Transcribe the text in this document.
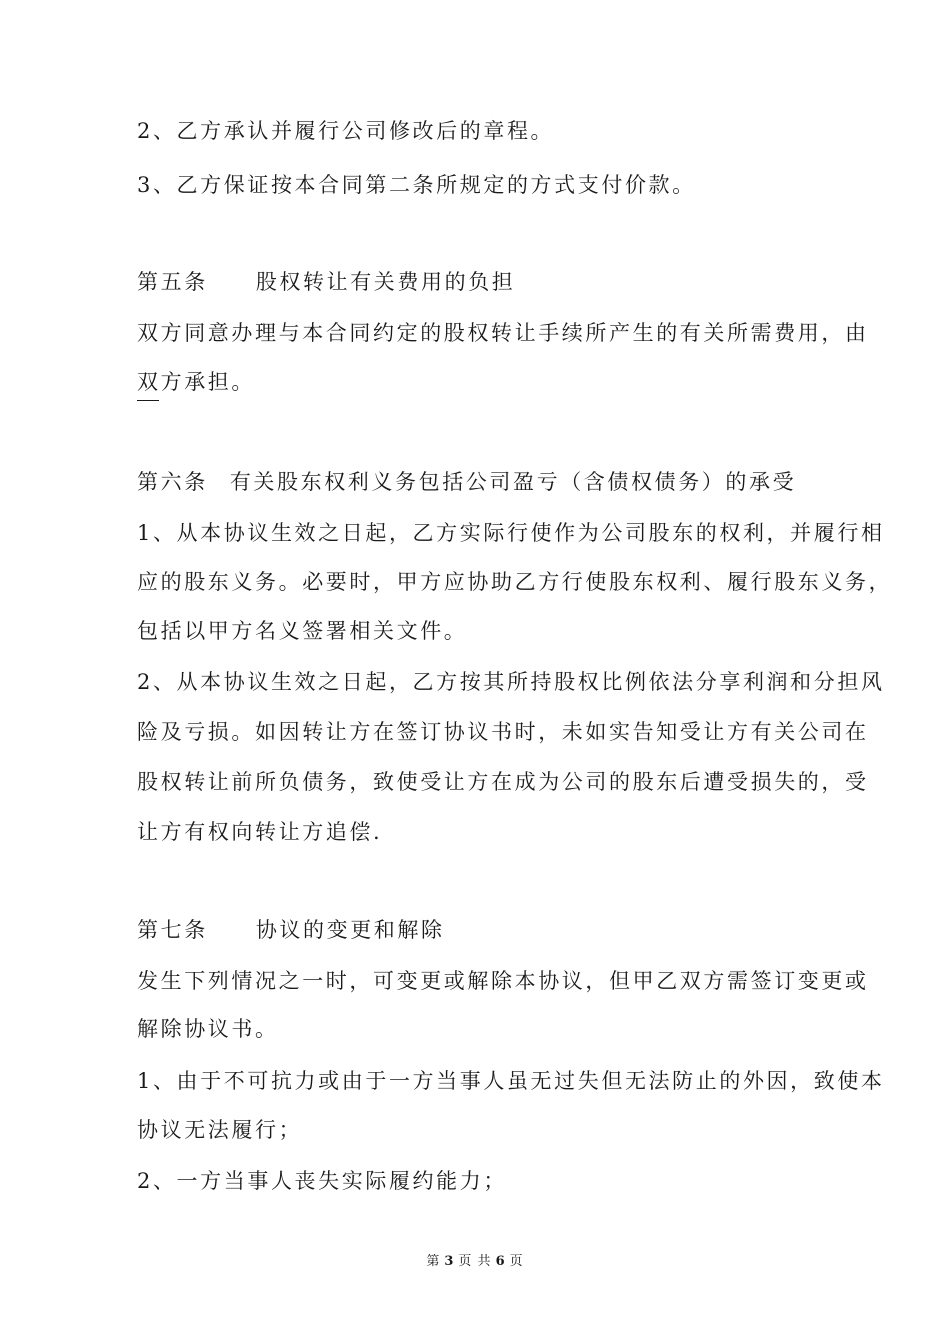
2、乙方承认并履行公司修改后的章程。

3、乙方保证按本合同第二条所规定的方式支付价款。

第五条 股权转让有关费用的负担

双方同意办理与本合同约定的股权转让手续所产生的有关所需费用，由

双方承担。

第六条 有关股东权利义务包括公司盈亏（含债权债务）的承受

1、从本协议生效之日起，乙方实际行使作为公司股东的权利，并履行相

应的股东义务。必要时，甲方应协助乙方行使股东权利、履行股东义务，

包括以甲方名义签署相关文件。

2、从本协议生效之日起，乙方按其所持股权比例依法分享利润和分担风

险及亏损。如因转让方在签订协议书时，未如实告知受让方有关公司在

股权转让前所负债务，致使受让方在成为公司的股东后遭受损失的，受

让方有权向转让方追偿.

第七条 协议的变更和解除

发生下列情况之一时，可变更或解除本协议，但甲乙双方需签订变更或

解除协议书。

1、由于不可抗力或由于一方当事人虽无过失但无法防止的外因，致使本

协议无法履行；

2、一方当事人丧失实际履约能力；

第 3 页 共 6 页
